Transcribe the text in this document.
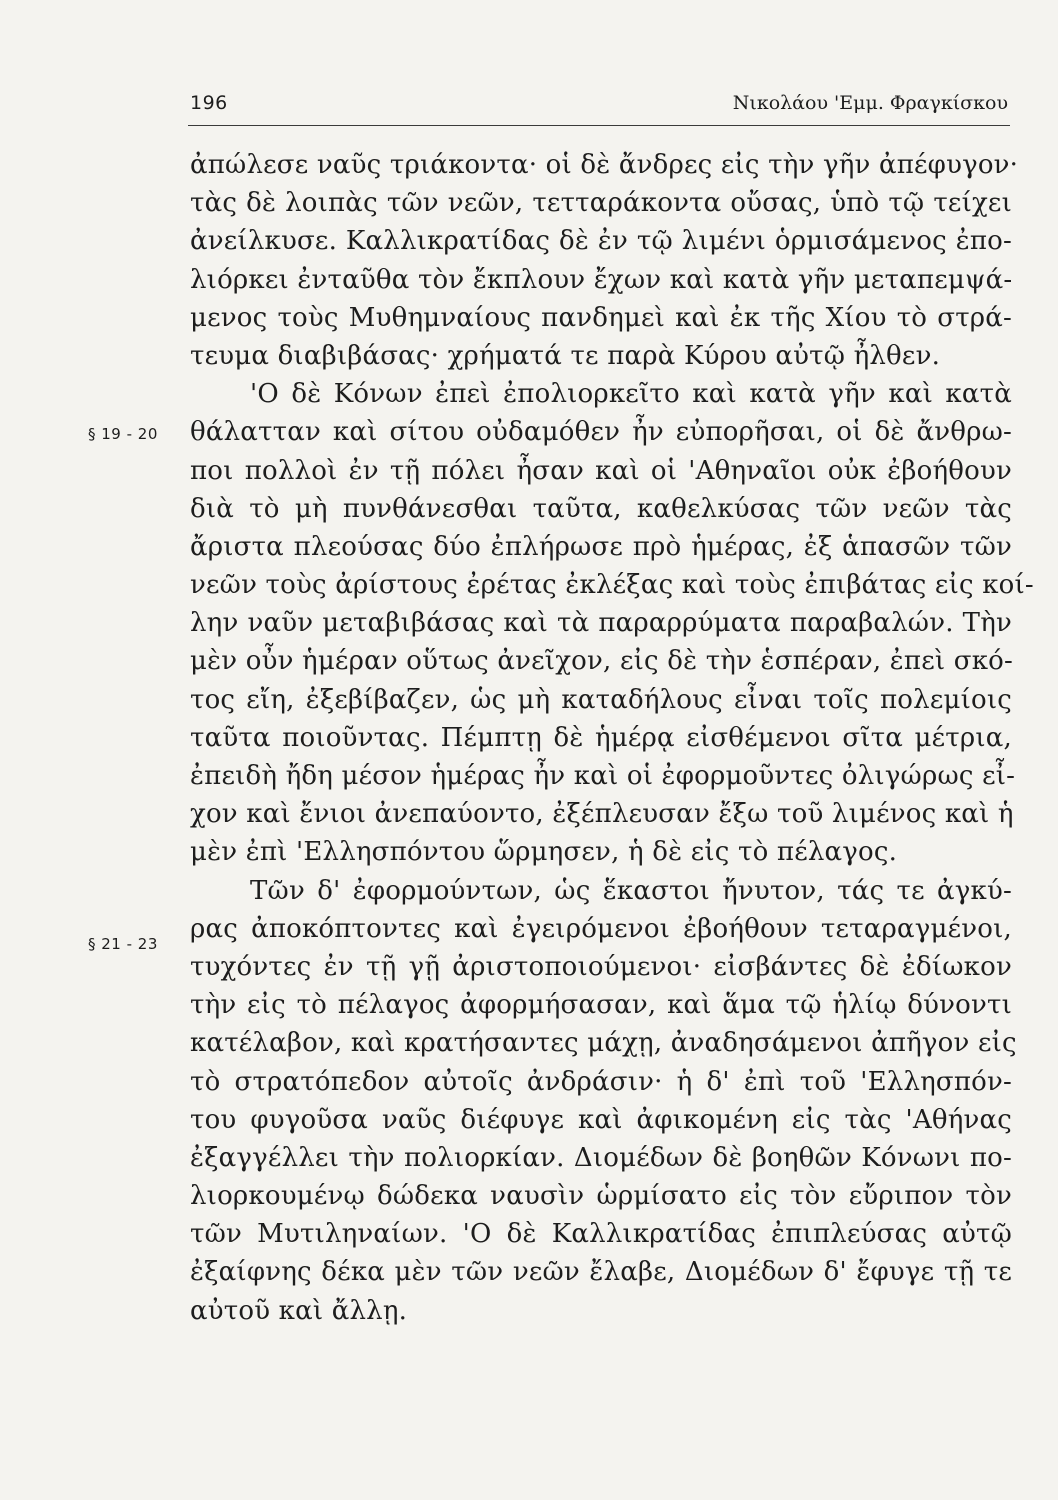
196	Νικολάου 'Εμμ. Φραγκίσκου
§ 19 - 20
§ 21 - 23
ἀπώλεσε ναῦς τριάκοντα· οἱ δὲ ἄνδρες εἰς τὴν γῆν ἀπέφυγον·
τὰς δὲ λοιπὰς τῶν νεῶν, τετταράκοντα οὔσας, ὑπὸ τῷ τείχει
ἀνείλκυσε. Καλλικρατίδας δὲ ἐν τῷ λιμένι ὁρμισάμενος ἐπο-
λιόρκει ἐνταῦθα τὸν ἔκπλουν ἔχων καὶ κατὰ γῆν μεταπεμψά-
μενος τοὺς Μυθημναίους πανδημεὶ καὶ ἐκ τῆς Χίου τὸ στρά-
τευμα διαβιβάσας· χρήματά τε παρὰ Κύρου αὐτῷ ἦλθεν.
'Ο δὲ Κόνων ἐπεὶ ἐπολιορκεῖτο καὶ κατὰ γῆν καὶ κατὰ
θάλατταν καὶ σίτου οὐδαμόθεν ἦν εὐπορῆσαι, οἱ δὲ ἄνθρω-
ποι πολλοὶ ἐν τῇ πόλει ἦσαν καὶ οἱ 'Αθηναῖοι οὐκ ἐβοήθουν
διὰ τὸ μὴ πυνθάνεσθαι ταῦτα, καθελκύσας τῶν νεῶν τὰς
ἄριστα πλεούσας δύο ἐπλήρωσε πρὸ ἡμέρας, ἐξ ἁπασῶν τῶν
νεῶν τοὺς ἀρίστους ἐρέτας ἐκλέξας καὶ τοὺς ἐπιβάτας εἰς κοί-
λην ναῦν μεταβιβάσας καὶ τὰ παραρρύματα παραβαλών. Τὴν
μὲν οὖν ἡμέραν οὕτως ἀνεῖχον, εἰς δὲ τὴν ἑσπέραν, ἐπεὶ σκό-
τος εἴη, ἐξεβίβαζεν, ὡς μὴ καταδήλους εἶναι τοῖς πολεμίοις
ταῦτα ποιοῦντας. Πέμπτῃ δὲ ἡμέρᾳ εἰσθέμενοι σῖτα μέτρια,
ἐπειδὴ ἤδη μέσον ἡμέρας ἦν καὶ οἱ ἐφορμοῦντες ὀλιγώρως εἶ-
χον καὶ ἔνιοι ἀνεπαύοντο, ἐξέπλευσαν ἔξω τοῦ λιμένος καὶ ἡ
μὲν ἐπὶ 'Ελλησπόντου ὥρμησεν, ἡ δὲ εἰς τὸ πέλαγος.
Τῶν δ' ἐφορμούντων, ὡς ἕκαστοι ἤνυτον, τάς τε ἀγκύ-
ρας ἀποκόπτοντες καὶ ἐγειρόμενοι ἐβοήθουν τεταραγμένοι,
τυχόντες ἐν τῇ γῇ ἀριστοποιούμενοι· εἰσβάντες δὲ ἐδίωκον
τὴν εἰς τὸ πέλαγος ἀφορμήσασαν, καὶ ἅμα τῷ ἡλίῳ δύνοντι
κατέλαβον, καὶ κρατήσαντες μάχῃ, ἀναδησάμενοι ἀπῆγον εἰς
τὸ στρατόπεδον αὐτοῖς ἀνδράσιν· ἡ δ' ἐπὶ τοῦ 'Ελλησπόν-
του φυγοῦσα ναῦς διέφυγε καὶ ἀφικομένη εἰς τὰς 'Αθήνας
ἐξαγγέλλει τὴν πολιορκίαν. Διομέδων δὲ βοηθῶν Κόνωνι πο-
λιορκουμένῳ δώδεκα ναυσὶν ὡρμίσατο εἰς τὸν εὔριπον τὸν
τῶν Μυτιληναίων. 'Ο δὲ Καλλικρατίδας ἐπιπλεύσας αὐτῷ
ἐξαίφνης δέκα μὲν τῶν νεῶν ἔλαβε, Διομέδων δ' ἔφυγε τῇ τε
αὐτοῦ καὶ ἄλλῃ.
